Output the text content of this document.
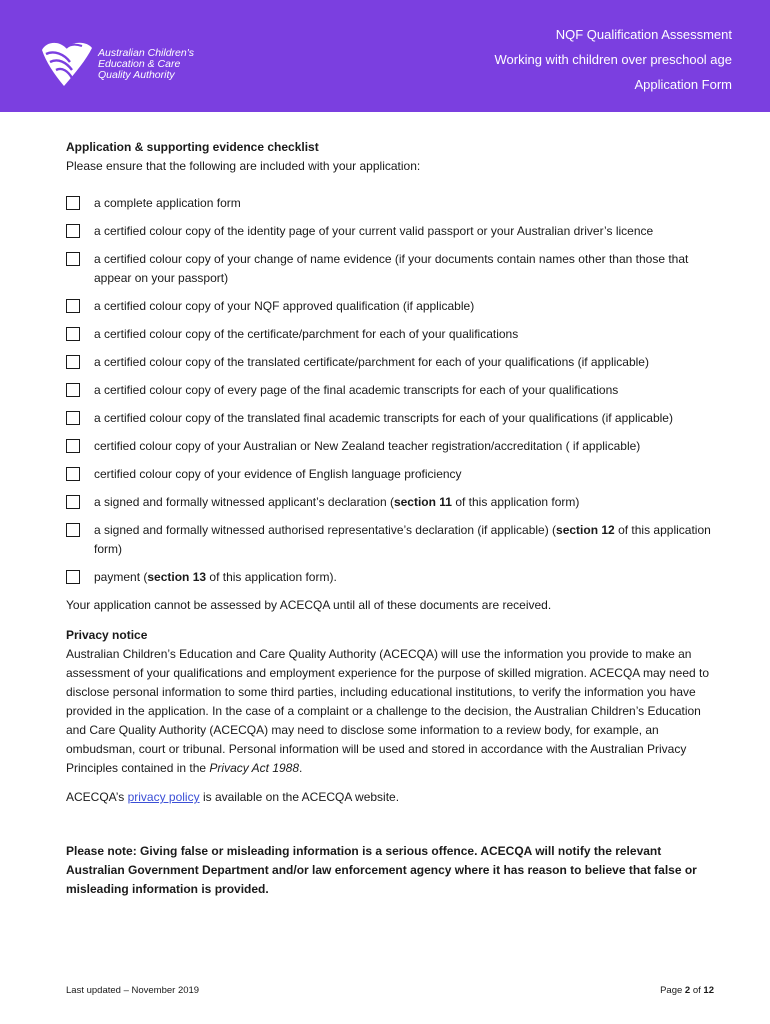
Australian Children's
Education & Care
Quality Authority
NQF Qualification Assessment
Working with children over preschool age
Application Form
Application & supporting evidence checklist
Please ensure that the following are included with your application:
a complete application form
a certified colour copy of the identity page of your current valid passport or your Australian driver’s licence
a certified colour copy of your change of name evidence (if your documents contain names other than those that appear on your passport)
a certified colour copy of your NQF approved qualification (if applicable)
a certified colour copy of the certificate/parchment for each of your qualifications
a certified colour copy of the translated certificate/parchment for each of your qualifications (if applicable)
a certified colour copy of every page of the final academic transcripts for each of your qualifications
a certified colour copy of the translated final academic transcripts for each of your qualifications (if applicable)
certified colour copy of your Australian or New Zealand teacher registration/accreditation ( if applicable)
certified colour copy of your evidence of English language proficiency
a signed and formally witnessed applicant’s declaration (section 11 of this application form)
a signed and formally witnessed authorised representative’s declaration (if applicable) (section 12 of this application form)
payment (section 13 of this application form).
Your application cannot be assessed by ACECQA until all of these documents are received.
Privacy notice
Australian Children’s Education and Care Quality Authority (ACECQA) will use the information you provide to make an assessment of your qualifications and employment experience for the purpose of skilled migration. ACECQA may need to disclose personal information to some third parties, including educational institutions, to verify the information you have provided in the application. In the case of a complaint or a challenge to the decision, the Australian Children’s Education and Care Quality Authority (ACECQA) may need to disclose some information to a review body, for example, an ombudsman, court or tribunal. Personal information will be used and stored in accordance with the Australian Privacy Principles contained in the Privacy Act 1988.
ACECQA’s privacy policy is available on the ACECQA website.
Please note: Giving false or misleading information is a serious offence. ACECQA will notify the relevant Australian Government Department and/or law enforcement agency where it has reason to believe that false or misleading information is provided.
Last updated – November 2019	Page 2 of 12
